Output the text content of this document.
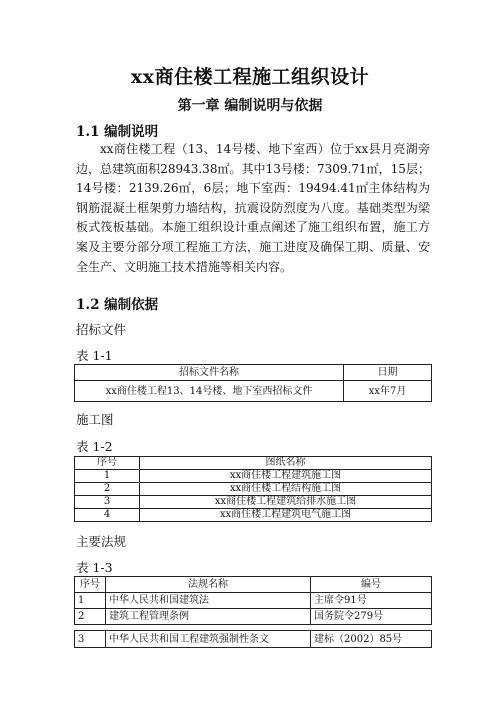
xx商住楼工程施工组织设计
第一章 编制说明与依据
1.1 编制说明
xx商住楼工程（13、14号楼、地下室西）位于xx县月亮湖旁边，总建筑面积28943.38㎡。其中13号楼：7309.71㎡，15层；14号楼：2139.26㎡，6层；地下室西：19494.41㎡主体结构为钢筋混凝土框架剪力墙结构，抗震设防烈度为八度。基础类型为梁板式筏板基础。本施工组织设计重点阐述了施工组织布置，施工方案及主要分部分项工程施工方法，施工进度及确保工期、质量、安全生产、文明施工技术措施等相关内容。
1.2 编制依据
招标文件
表 1-1
招标文件名称	日期
xx商住楼工程13、14号楼、地下室西招标文件	xx年7月
施工图
表 1-2
序号	图纸名称
1	xx商住楼工程建筑施工图
2	xx商住楼工程结构施工图
3	xx商住楼工程建筑给排水施工图
4	xx商住楼工程建筑电气施工图
主要法规
表 1-3
序号	法规名称	编号
1	中华人民共和国建筑法	主席令91号
2	建筑工程管理条例	国务院令279号
3	中华人民共和国工程建筑强制性条文	建标（2002）85号
